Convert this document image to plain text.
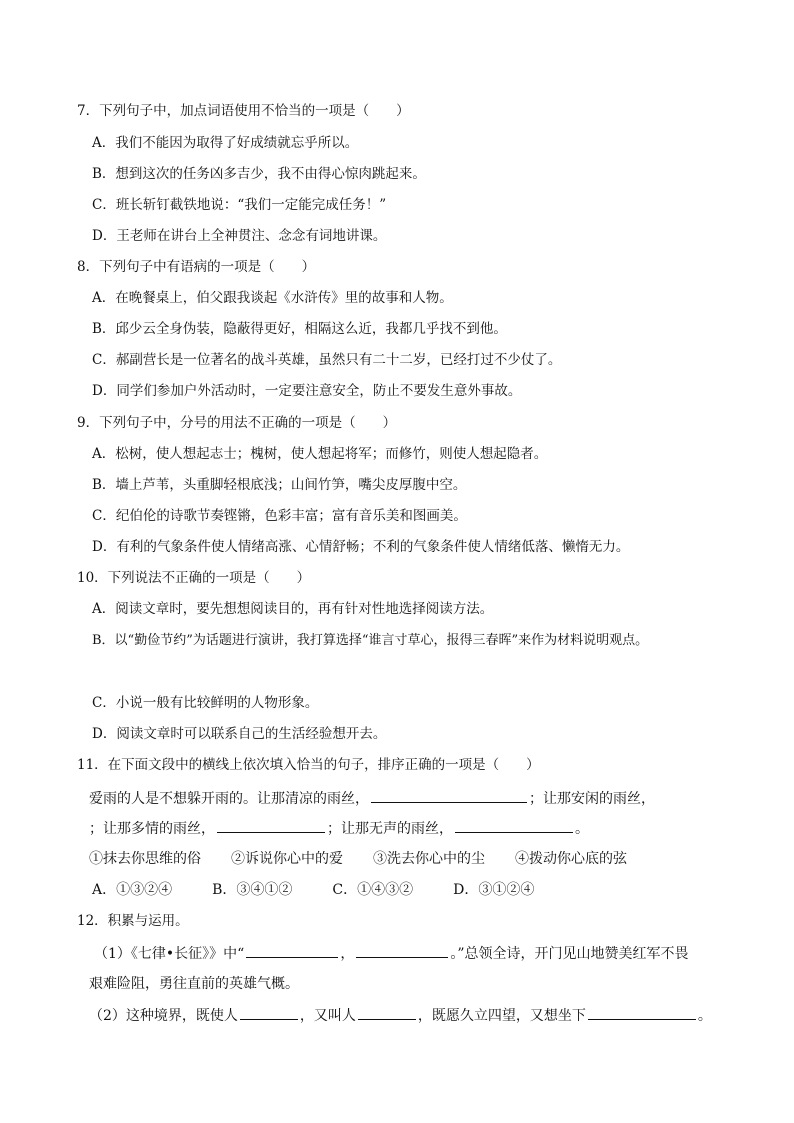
7．下列句子中，加点词语使用不恰当的一项是（　　）
A．我们不能因为取得了好成绩就忘乎所以。
B．想到这次的任务凶多吉少，我不由得心惊肉跳起来。
C．班长斩钉截铁地说：“我们一定能完成任务！”
D．王老师在讲台上全神贯注、念念有词地讲课。
8．下列句子中有语病的一项是（　　）
A．在晚餐桌上，伯父跟我谈起《水浒传》里的故事和人物。
B．邱少云全身伪装，隐蔽得更好，相隔这么近，我都几乎找不到他。
C．郝副营长是一位著名的战斗英雄，虽然只有二十二岁，已经打过不少仗了。
D．同学们参加户外活动时，一定要注意安全，防止不要发生意外事故。
9．下列句子中，分号的用法不正确的一项是（　　）
A．松树，使人想起志士；槐树，使人想起将军；而修竹，则使人想起隐者。
B．墙上芦苇，头重脚轻根底浅；山间竹笋，嘴尖皮厚腹中空。
C．纪伯伦的诗歌节奏铿锵，色彩丰富；富有音乐美和图画美。
D．有利的气象条件使人情绪高涨、心情舒畅；不利的气象条件使人情绪低落、懒惰无力。
10．下列说法不正确的一项是（　　）
A．阅读文章时，要先想想阅读目的，再有针对性地选择阅读方法。
B．以“勤俭节约”为话题进行演讲，我打算选择“谁言寸草心，报得三春晖”来作为材料说明观点。
C．小说一般有比较鲜明的人物形象。
D．阅读文章时可以联系自己的生活经验想开去。
11．在下面文段中的横线上依次填入恰当的句子，排序正确的一项是（　　）
爱雨的人是不想躲开雨的。让那清凉的雨丝，	；让那安闲的雨丝，
；让那多情的雨丝，	；让那无声的雨丝，	。
①抹去你思维的俗 ②诉说你心中的爱 ③洗去你心中的尘 ④拨动你心底的弦
A．①③②④	B．③④①②	C．①④③②	D．③①②④
12．积累与运用。
（1）《七律•长征》》中“	，	。”总领全诗，开门见山地赞美红军不畏
艰难险阻，勇往直前的英雄气概。
（2）这种境界，既使人	，又叫人	，既愿久立四望，又想坐下	。
